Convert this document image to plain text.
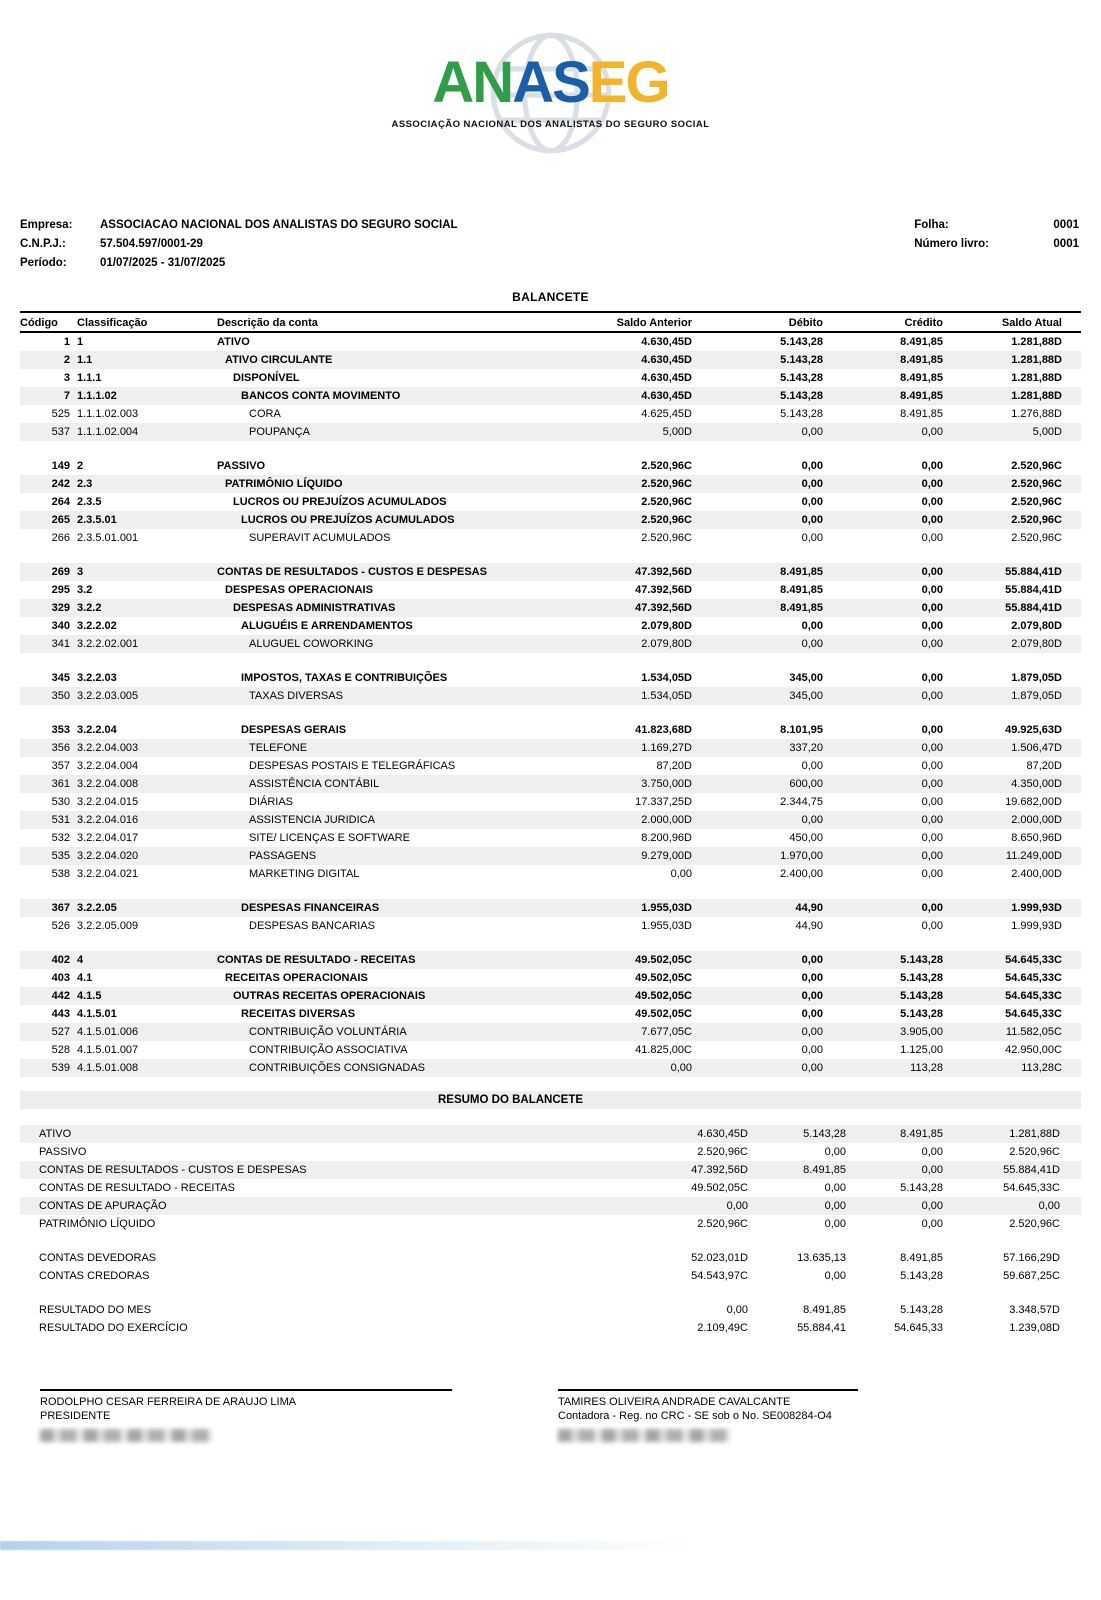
ANASEG
ASSOCIAÇÃO NACIONAL DOS ANALISTAS DO SEGURO SOCIAL
Empresa:	ASSOCIACAO NACIONAL DOS ANALISTAS DO SEGURO SOCIAL
C.N.P.J.:	57.504.597/0001-29
Período:	01/07/2025 - 31/07/2025
Folha:	0001
Número livro:	0001
BALANCETE
Código	Classificação	Descrição da conta	Saldo Anterior	Débito	Crédito	Saldo Atual
1 1	ATIVO	4.630,45D	5.143,28	8.491,85	1.281,88D
2 1.1	ATIVO CIRCULANTE	4.630,45D	5.143,28	8.491,85	1.281,88D
3 1.1.1	DISPONÍVEL	4.630,45D	5.143,28	8.491,85	1.281,88D
7 1.1.1.02	BANCOS CONTA MOVIMENTO	4.630,45D	5.143,28	8.491,85	1.281,88D
525 1.1.1.02.003	CORA	4.625,45D	5.143,28	8.491,85	1.276,88D
537 1.1.1.02.004	POUPANÇA	5,00D	0,00	0,00	5,00D
149 2	PASSIVO	2.520,96C	0,00	0,00	2.520,96C
242 2.3	PATRIMÔNIO LÍQUIDO	2.520,96C	0,00	0,00	2.520,96C
264 2.3.5	LUCROS OU PREJUÍZOS ACUMULADOS	2.520,96C	0,00	0,00	2.520,96C
265 2.3.5.01	LUCROS OU PREJUÍZOS ACUMULADOS	2.520,96C	0,00	0,00	2.520,96C
266 2.3.5.01.001	SUPERAVIT ACUMULADOS	2.520,96C	0,00	0,00	2.520,96C
269 3	CONTAS DE RESULTADOS - CUSTOS E DESPESAS	47.392,56D	8.491,85	0,00	55.884,41D
295 3.2	DESPESAS OPERACIONAIS	47.392,56D	8.491,85	0,00	55.884,41D
329 3.2.2	DESPESAS ADMINISTRATIVAS	47.392,56D	8.491,85	0,00	55.884,41D
340 3.2.2.02	ALUGUÉIS E ARRENDAMENTOS	2.079,80D	0,00	0,00	2.079,80D
341 3.2.2.02.001	ALUGUEL COWORKING	2.079,80D	0,00	0,00	2.079,80D
345 3.2.2.03	IMPOSTOS, TAXAS E CONTRIBUIÇÕES	1.534,05D	345,00	0,00	1.879,05D
350 3.2.2.03.005	TAXAS DIVERSAS	1.534,05D	345,00	0,00	1.879,05D
353 3.2.2.04	DESPESAS GERAIS	41.823,68D	8.101,95	0,00	49.925,63D
356 3.2.2.04.003	TELEFONE	1.169,27D	337,20	0,00	1.506,47D
357 3.2.2.04.004	DESPESAS POSTAIS E TELEGRÁFICAS	87,20D	0,00	0,00	87,20D
361 3.2.2.04.008	ASSISTÊNCIA CONTÁBIL	3.750,00D	600,00	0,00	4.350,00D
530 3.2.2.04.015	DIÁRIAS	17.337,25D	2.344,75	0,00	19.682,00D
531 3.2.2.04.016	ASSISTENCIA JURIDICA	2.000,00D	0,00	0,00	2.000,00D
532 3.2.2.04.017	SITE/ LICENÇAS E SOFTWARE	8.200,96D	450,00	0,00	8.650,96D
535 3.2.2.04.020	PASSAGENS	9.279,00D	1.970,00	0,00	11.249,00D
538 3.2.2.04.021	MARKETING DIGITAL	0,00	2.400,00	0,00	2.400,00D
367 3.2.2.05	DESPESAS FINANCEIRAS	1.955,03D	44,90	0,00	1.999,93D
526 3.2.2.05.009	DESPESAS BANCARIAS	1.955,03D	44,90	0,00	1.999,93D
402 4	CONTAS DE RESULTADO - RECEITAS	49.502,05C	0,00	5.143,28	54.645,33C
403 4.1	RECEITAS OPERACIONAIS	49.502,05C	0,00	5.143,28	54.645,33C
442 4.1.5	OUTRAS RECEITAS OPERACIONAIS	49.502,05C	0,00	5.143,28	54.645,33C
443 4.1.5.01	RECEITAS DIVERSAS	49.502,05C	0,00	5.143,28	54.645,33C
527 4.1.5.01.006	CONTRIBUIÇÃO VOLUNTÁRIA	7.677,05C	0,00	3.905,00	11.582,05C
528 4.1.5.01.007	CONTRIBUIÇÃO ASSOCIATIVA	41.825,00C	0,00	1.125,00	42.950,00C
539 4.1.5.01.008	CONTRIBUIÇÕES CONSIGNADAS	0,00	0,00	113,28	113,28C
RESUMO DO BALANCETE
ATIVO	4.630,45D	5.143,28	8.491,85	1.281,88D
PASSIVO	2.520,96C	0,00	0,00	2.520,96C
CONTAS DE RESULTADOS - CUSTOS E DESPESAS	47.392,56D	8.491,85	0,00	55.884,41D
CONTAS DE RESULTADO - RECEITAS	49.502,05C	0,00	5.143,28	54.645,33C
CONTAS DE APURAÇÃO	0,00	0,00	0,00	0,00
PATRIMÔNIO LÍQUIDO	2.520,96C	0,00	0,00	2.520,96C
CONTAS DEVEDORAS	52.023,01D	13.635,13	8.491,85	57.166,29D
CONTAS CREDORAS	54.543,97C	0,00	5.143,28	59.687,25C
RESULTADO DO MES	0,00	8.491,85	5.143,28	3.348,57D
RESULTADO DO EXERCÍCIO	2.109,49C	55.884,41	54.645,33	1.239,08D
RODOLPHO CESAR FERREIRA DE ARAUJO LIMA
PRESIDENTE
TAMIRES OLIVEIRA ANDRADE CAVALCANTE
Contadora - Reg. no CRC - SE sob o No. SE008284-O4
